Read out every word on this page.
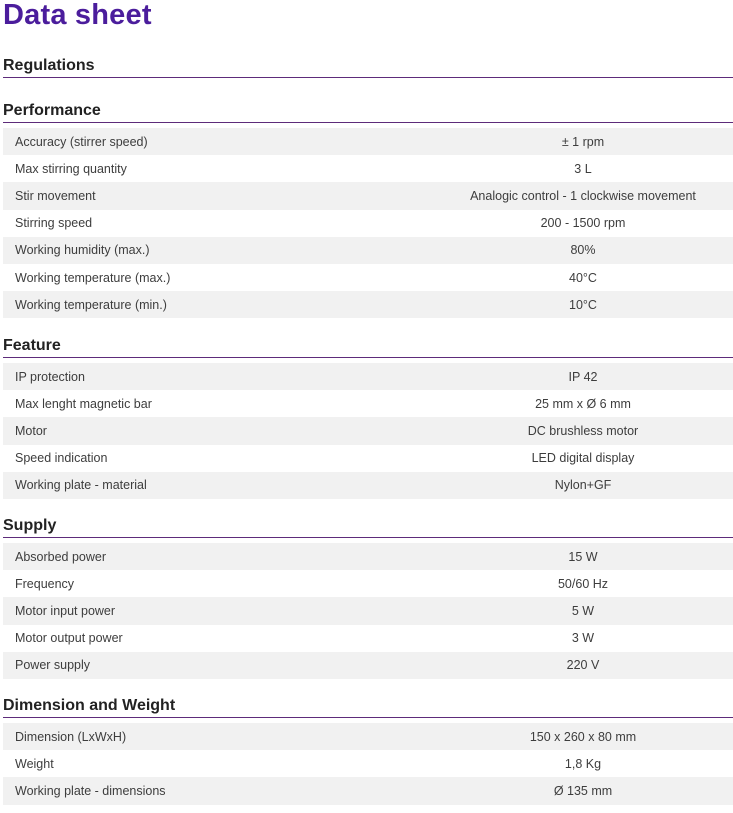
Data sheet
Regulations
Performance
Accuracy (stirrer speed)	± 1 rpm
Max stirring quantity	3 L
Stir movement	Analogic control - 1 clockwise movement
Stirring speed	200 - 1500 rpm
Working humidity (max.)	80%
Working temperature (max.)	40°C
Working temperature (min.)	10°C
Feature
IP protection	IP 42
Max lenght magnetic bar	25 mm x Ø 6 mm
Motor	DC brushless motor
Speed indication	LED digital display
Working plate - material	Nylon+GF
Supply
Absorbed power	15 W
Frequency	50/60 Hz
Motor input power	5 W
Motor output power	3 W
Power supply	220 V
Dimension and Weight
Dimension (LxWxH)	150 x 260 x 80 mm
Weight	1,8 Kg
Working plate - dimensions	Ø 135 mm
